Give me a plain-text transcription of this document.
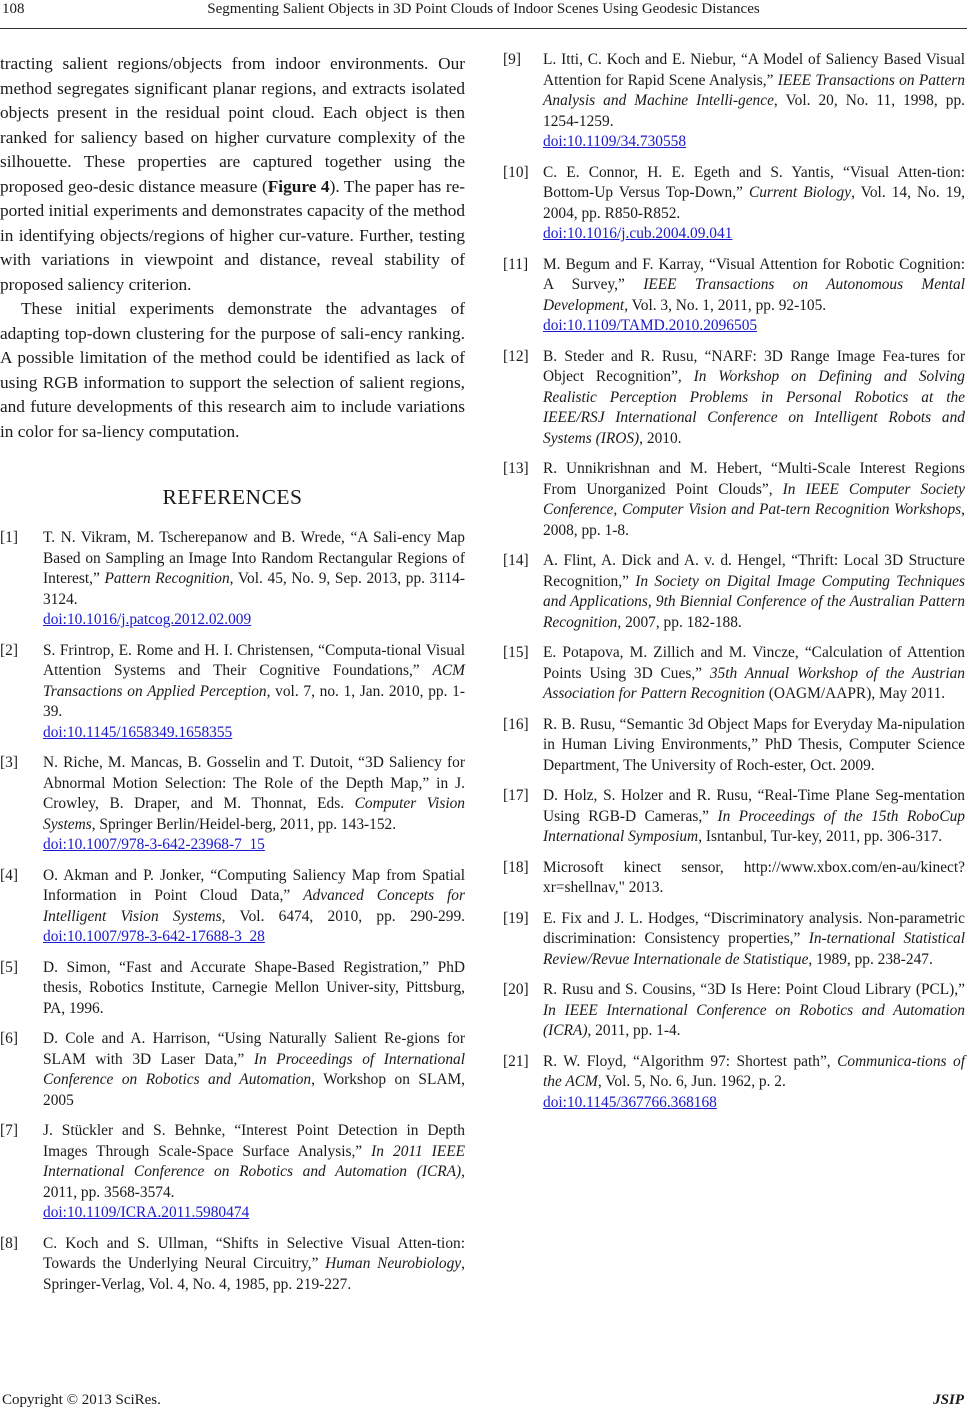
108	Segmenting Salient Objects in 3D Point Clouds of Indoor Scenes Using Geodesic Distances

tracting salient regions/objects from indoor environments. Our method segregates significant planar regions, and extracts isolated objects present in the residual point cloud. Each object is then ranked for saliency based on higher curvature complexity of the silhouette. These properties are captured together using the proposed geo-desic distance measure (Figure 4). The paper has re-ported initial experiments and demonstrates capacity of the method in identifying objects/regions of higher cur-vature. Further, testing with variations in viewpoint and distance, reveal stability of proposed saliency criterion.

These initial experiments demonstrate the advantages of adapting top-down clustering for the purpose of sali-ency ranking. A possible limitation of the method could be identified as lack of using RGB information to support the selection of salient regions, and future developments of this research aim to include variations in color for sa-liency computation.

REFERENCES
[1] T. N. Vikram, M. Tscherepanow and B. Wrede, “A Sali-ency Map Based on Sampling an Image Into Random Rectangular Regions of Interest,” Pattern Recognition, Vol. 45, No. 9, Sep. 2013, pp. 3114-3124.
doi:10.1016/j.patcog.2012.02.009
[2] S. Frintrop, E. Rome and H. I. Christensen, “Computa-tional Visual Attention Systems and Their Cognitive Foundations,” ACM Transactions on Applied Perception, vol. 7, no. 1, Jan. 2010, pp. 1-39.
doi:10.1145/1658349.1658355
[3] N. Riche, M. Mancas, B. Gosselin and T. Dutoit, “3D Saliency for Abnormal Motion Selection: The Role of the Depth Map,” in J. Crowley, B. Draper, and M. Thonnat, Eds. Computer Vision Systems, Springer Berlin/Heidel-berg, 2011, pp. 143-152.
doi:10.1007/978-3-642-23968-7_15
[4] O. Akman and P. Jonker, “Computing Saliency Map from Spatial Information in Point Cloud Data,” Advanced Concepts for Intelligent Vision Systems, Vol. 6474, 2010, pp. 290-299. doi:10.1007/978-3-642-17688-3_28
[5] D. Simon, “Fast and Accurate Shape-Based Registration,” PhD thesis, Robotics Institute, Carnegie Mellon Univer-sity, Pittsburg, PA, 1996.
[6] D. Cole and A. Harrison, “Using Naturally Salient Re-gions for SLAM with 3D Laser Data,” In Proceedings of International Conference on Robotics and Automation, Workshop on SLAM, 2005
[7] J. Stückler and S. Behnke, “Interest Point Detection in Depth Images Through Scale-Space Surface Analysis,” In 2011 IEEE International Conference on Robotics and Automation (ICRA), 2011, pp. 3568-3574.
doi:10.1109/ICRA.2011.5980474
[8] C. Koch and S. Ullman, “Shifts in Selective Visual Atten-tion: Towards the Underlying Neural Circuitry,” Human Neurobiology, Springer-Verlag, Vol. 4, No. 4, 1985, pp. 219-227.
[9] L. Itti, C. Koch and E. Niebur, “A Model of Saliency Based Visual Attention for Rapid Scene Analysis,” IEEE Transactions on Pattern Analysis and Machine Intelli-gence, Vol. 20, No. 11, 1998, pp. 1254-1259.
doi:10.1109/34.730558
[10] C. E. Connor, H. E. Egeth and S. Yantis, “Visual Atten-tion: Bottom-Up Versus Top-Down,” Current Biology, Vol. 14, No. 19, 2004, pp. R850-R852.
doi:10.1016/j.cub.2004.09.041
[11] M. Begum and F. Karray, “Visual Attention for Robotic Cognition: A Survey,” IEEE Transactions on Autonomous Mental Development, Vol. 3, No. 1, 2011, pp. 92-105.
doi:10.1109/TAMD.2010.2096505
[12] B. Steder and R. Rusu, “NARF: 3D Range Image Fea-tures for Object Recognition”, In Workshop on Defining and Solving Realistic Perception Problems in Personal Robotics at the IEEE/RSJ International Conference on Intelligent Robots and Systems (IROS), 2010.
[13] R. Unnikrishnan and M. Hebert, “Multi-Scale Interest Regions From Unorganized Point Clouds”, In IEEE Computer Society Conference, Computer Vision and Pat-tern Recognition Workshops, 2008, pp. 1-8.
[14] A. Flint, A. Dick and A. v. d. Hengel, “Thrift: Local 3D Structure Recognition,” In Society on Digital Image Computing Techniques and Applications, 9th Biennial Conference of the Australian Pattern Recognition, 2007, pp. 182-188.
[15] E. Potapova, M. Zillich and M. Vincze, “Calculation of Attention Points Using 3D Cues,” 35th Annual Workshop of the Austrian Association for Pattern Recognition (OAGM/AAPR), May 2011.
[16] R. B. Rusu, “Semantic 3d Object Maps for Everyday Ma-nipulation in Human Living Environments,” PhD Thesis, Computer Science Department, The University of Roch-ester, Oct. 2009.
[17] D. Holz, S. Holzer and R. Rusu, “Real-Time Plane Seg-mentation Using RGB-D Cameras,” In Proceedings of the 15th RoboCup International Symposium, Isntanbul, Tur-key, 2011, pp. 306-317.
[18] Microsoft kinect sensor, http://www.xbox.com/en-au/kinect?xr=shellnav," 2013.
[19] E. Fix and J. L. Hodges, “Discriminatory analysis. Non-parametric discrimination: Consistency properties,” In-ternational Statistical Review/Revue Internationale de Statistique, 1989, pp. 238-247.
[20] R. Rusu and S. Cousins, “3D Is Here: Point Cloud Library (PCL),” In IEEE International Conference on Robotics and Automation (ICRA), 2011, pp. 1-4.
[21] R. W. Floyd, “Algorithm 97: Shortest path”, Communica-tions of the ACM, Vol. 5, No. 6, Jun. 1962, p. 2.
doi:10.1145/367766.368168
Copyright © 2013 SciRes.	JSIP
